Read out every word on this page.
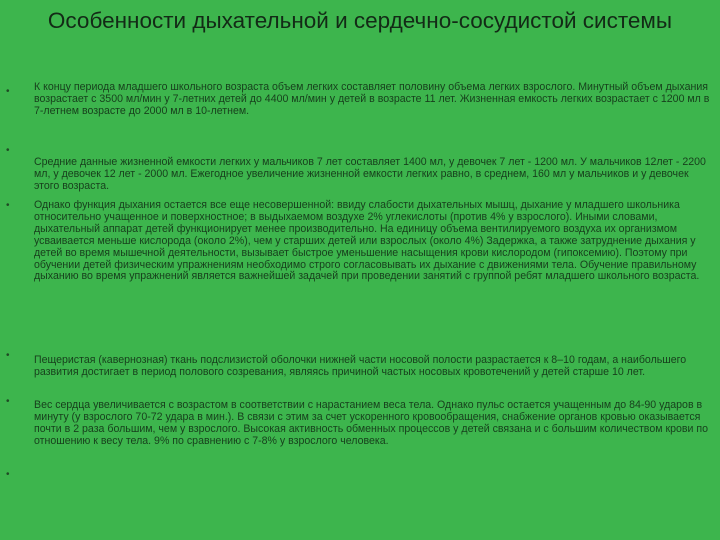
Особенности дыхательной и сердечно-сосудистой системы
•
•
•
•
•
•
К концу периода младшего школьного возраста объем легких составляет половину объема легких взрослого. Минутный объем дыхания возрастает с 3500 мл/мин у 7-летних детей до 4400 мл/мин у детей в возрасте 11 лет. Жизненная емкость легких возрастает с 1200 мл в 7-летнем возрасте до 2000 мл в 10-летнем.
Средние данные жизненной емкости легких у мальчиков 7 лет составляет 1400 мл, у девочек 7 лет - 1200 мл. У мальчиков 12лет - 2200 мл, у девочек 12 лет - 2000 мл. Ежегодное увеличение жизненной емкости легких равно, в среднем, 160 мл у мальчиков и у девочек этого возраста.
Однако функция дыхания остается все еще несовершенной: ввиду слабости дыхательных мышц, дыхание у младшего школьника относительно учащенное и поверхностное; в выдыхаемом воздухе 2% углекислоты (против 4% у взрослого). Иными словами, дыхательный аппарат детей функционирует менее производительно. На единицу объема вентилируемого воздуха их организмом усваивается меньше кислорода (около 2%), чем у старших детей или взрослых (около 4%) Задержка, а также затруднение дыхания у детей во время мышечной деятельности, вызывает быстрое уменьшение насыщения крови кислородом (гипоксемию). Поэтому при обучении детей физическим упражнениям необходимо строго согласовывать их дыхание с движениями тела. Обучение правильному дыханию во время упражнений является важнейшей задачей при проведении занятий с группой ребят младшего школьного возраста.
Пещеристая (кавернозная) ткань подслизистой оболочки нижней части носовой полости разрастается к 8–10 годам, а наибольшего развития достигает в период полового созревания, являясь причиной частых носовых кровотечений у детей старше 10 лет.
Вес сердца увеличивается с возрастом в соответствии с нарастанием веса тела. Однако пульс остается учащенным до 84-90 ударов в минуту (у взрослого 70-72 удара в мин.). В связи с этим за счет ускоренного кровообращения, снабжение органов кровью оказывается почти в 2 раза большим, чем у взрослого. Высокая активность обменных процессов у детей связана и с большим количеством крови по отношению к весу тела. 9% по сравнению с 7-8% у взрослого человека.
